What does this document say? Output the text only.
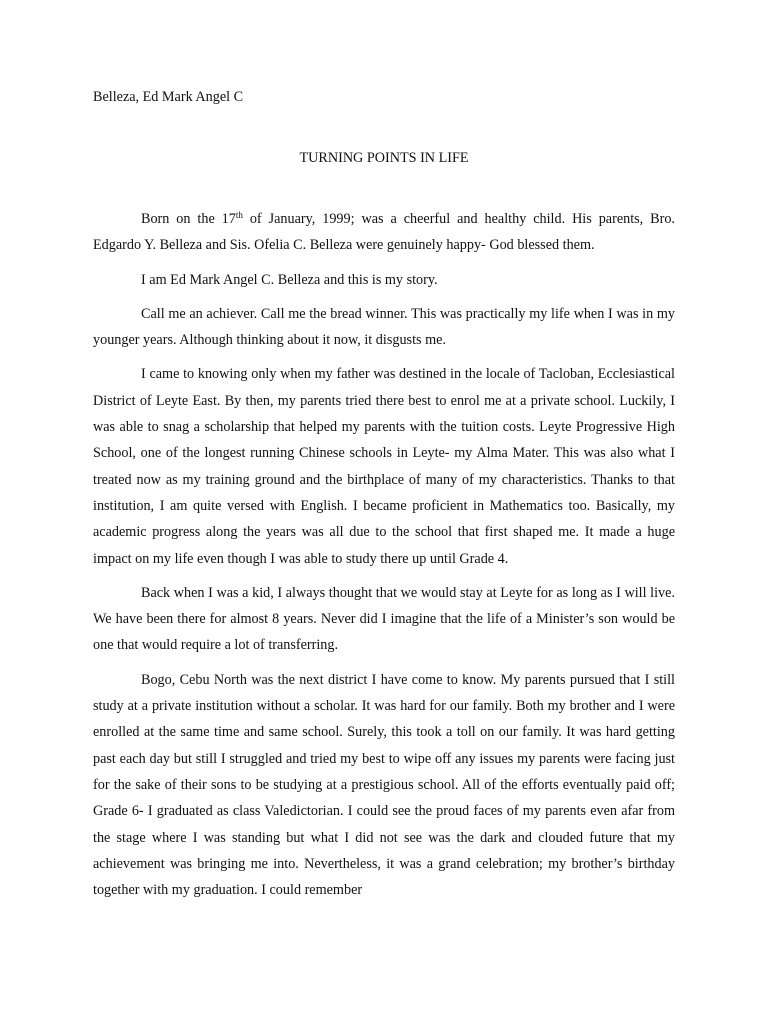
Belleza, Ed Mark Angel C

TURNING POINTS IN LIFE

Born on the 17th of January, 1999; was a cheerful and healthy child. His parents, Bro. Edgardo Y. Belleza and Sis. Ofelia C. Belleza were genuinely happy- God blessed them.

I am Ed Mark Angel C. Belleza and this is my story.

Call me an achiever. Call me the bread winner. This was practically my life when I was in my younger years. Although thinking about it now, it disgusts me.

I came to knowing only when my father was destined in the locale of Tacloban, Ecclesiastical District of Leyte East. By then, my parents tried there best to enrol me at a private school. Luckily, I was able to snag a scholarship that helped my parents with the tuition costs. Leyte Progressive High School, one of the longest running Chinese schools in Leyte- my Alma Mater. This was also what I treated now as my training ground and the birthplace of many of my characteristics. Thanks to that institution, I am quite versed with English. I became proficient in Mathematics too. Basically, my academic progress along the years was all due to the school that first shaped me. It made a huge impact on my life even though I was able to study there up until Grade 4.

Back when I was a kid, I always thought that we would stay at Leyte for as long as I will live. We have been there for almost 8 years. Never did I imagine that the life of a Minister’s son would be one that would require a lot of transferring.

Bogo, Cebu North was the next district I have come to know. My parents pursued that I still study at a private institution without a scholar. It was hard for our family. Both my brother and I were enrolled at the same time and same school. Surely, this took a toll on our family. It was hard getting past each day but still I struggled and tried my best to wipe off any issues my parents were facing just for the sake of their sons to be studying at a prestigious school. All of the efforts eventually paid off; Grade 6- I graduated as class Valedictorian. I could see the proud faces of my parents even afar from the stage where I was standing but what I did not see was the dark and clouded future that my achievement was bringing me into. Nevertheless, it was a grand celebration; my brother’s birthday together with my graduation. I could remember
